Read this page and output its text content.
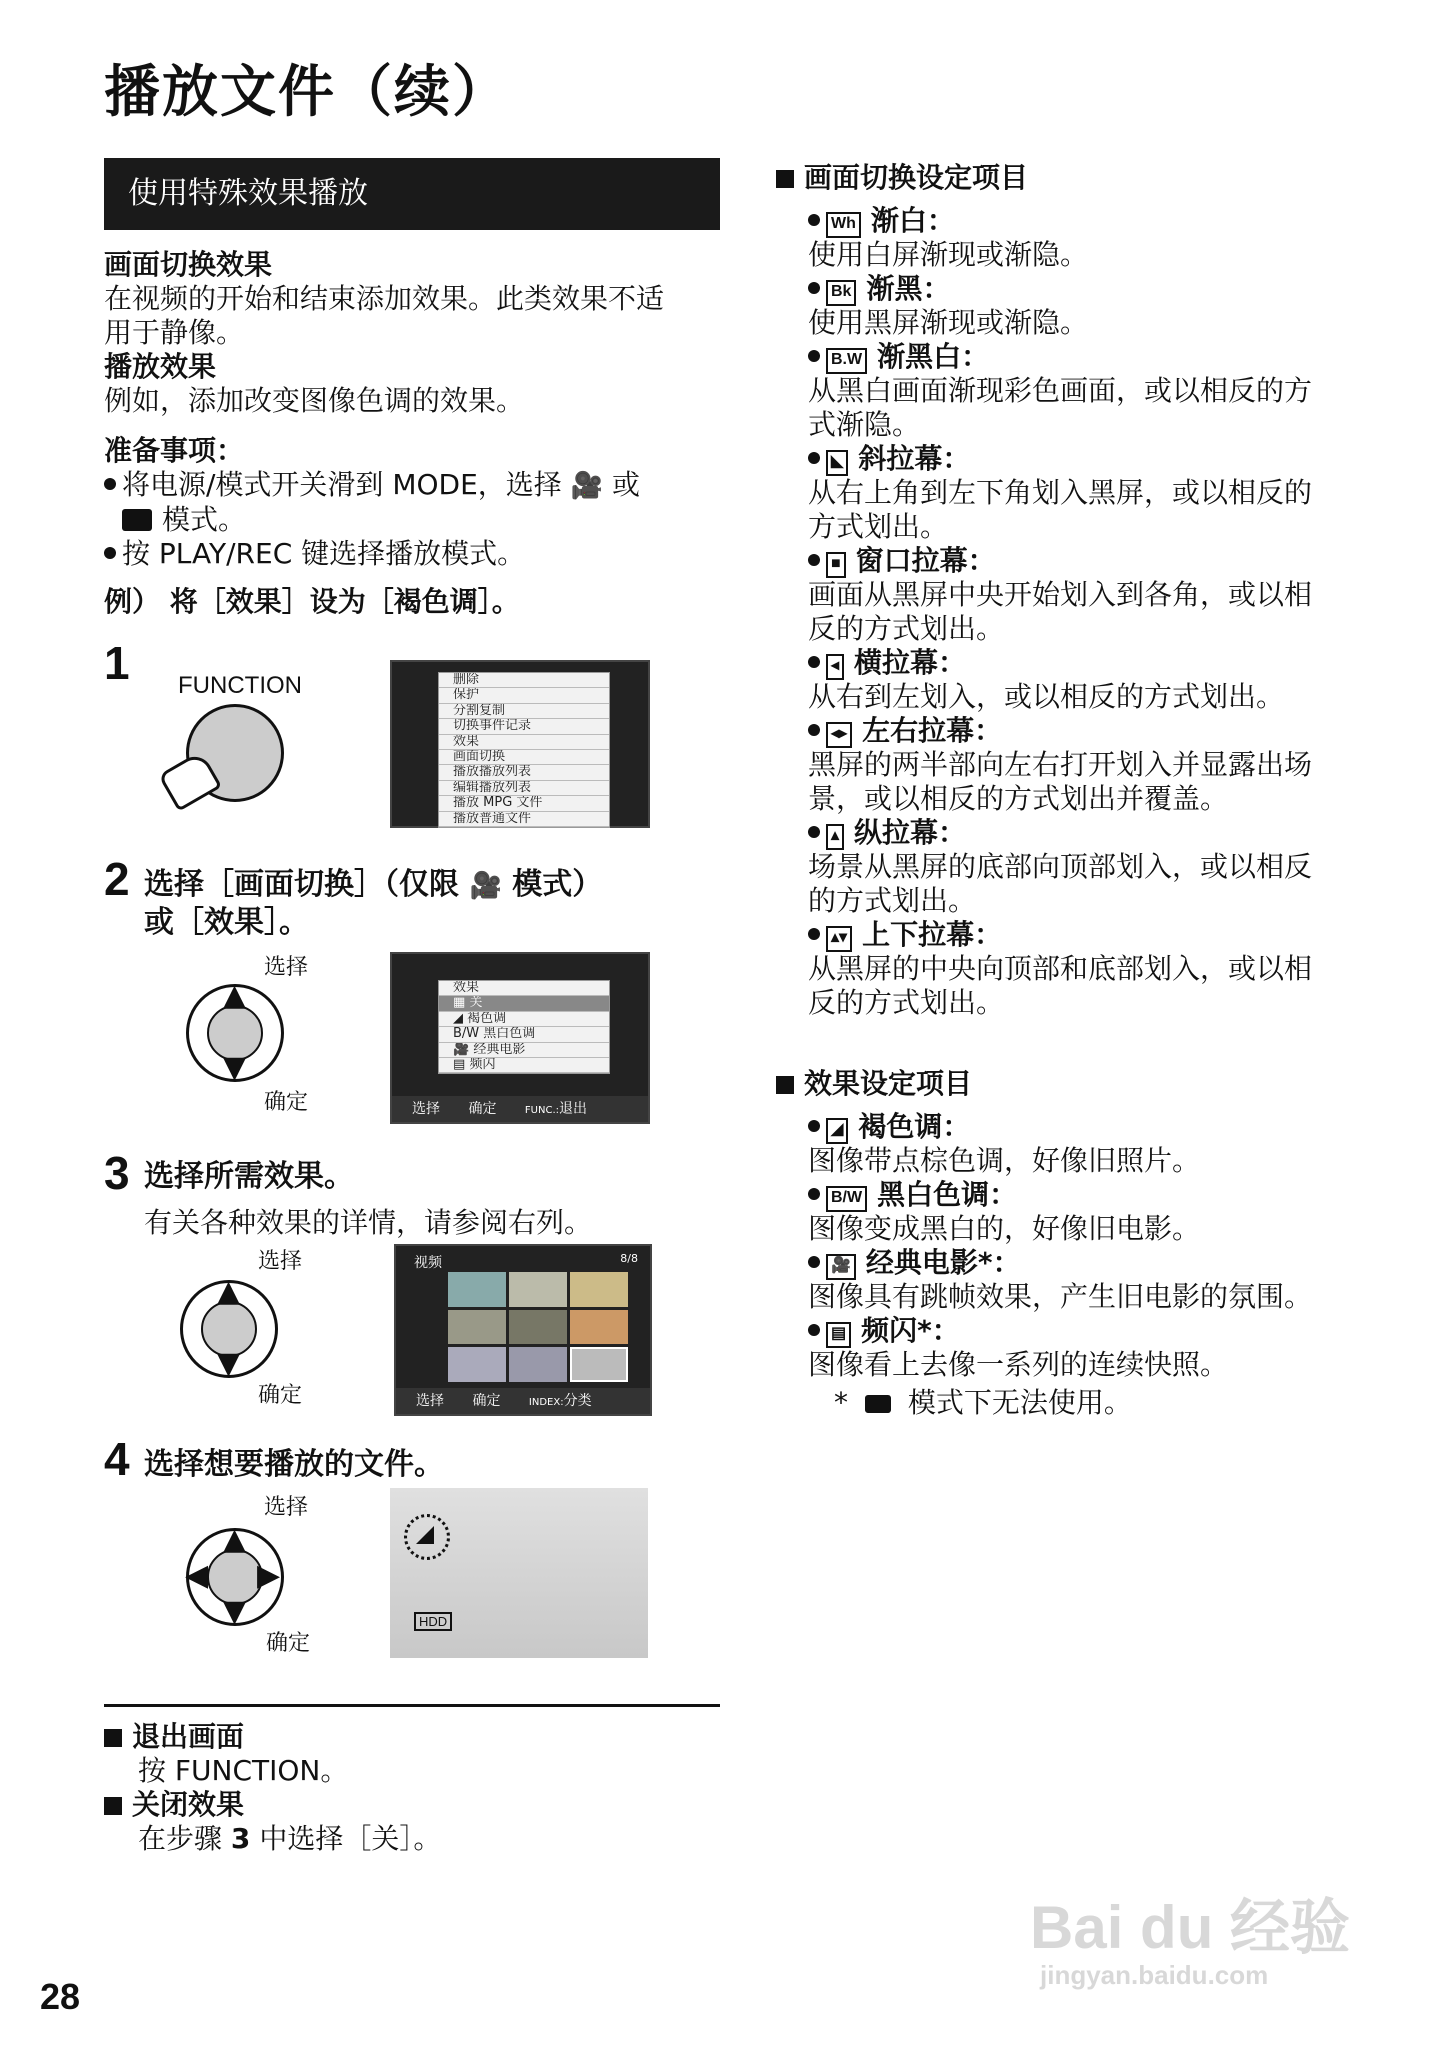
播放文件（续）
使用特殊效果播放
画面切换效果
在视频的开始和结束添加效果。此类效果不适
用于静像。
播放效果
例如，添加改变图像色调的效果。
准备事项：
将电源/模式开关滑到 MODE，选择 🎥 或
模式。
按 PLAY/REC 键选择播放模式。
例） 将［效果］设为［褐色调］。
1 FUNCTION	删除
保护
分割复制
切换事件记录
效果
画面切换
播放播放列表
编辑播放列表
播放 MPG 文件
播放普通文件
2 选择［画面切换］（仅限 🎥 模式）
或［效果］。
选择
确定
▲
▼
效果
▦ 关
◢ 褐色调
B/W 黑白色调
🎥 经典电影
▤ 频闪
选择 确定	FUNC.:退出
3 选择所需效果。
有关各种效果的详情，请参阅右列。
选择
确定
▲
▼
视频	8/8
选择 确定	INDEX:分类
4 选择想要播放的文件。
选择
确定
▲
▼
◀ ▶
HDD
退出画面
按 FUNCTION。
关闭效果
在步骤 3 中选择［关］。
画面切换设定项目
Wh 渐白：
使用白屏渐现或渐隐。
Bk 渐黑：
使用黑屏渐现或渐隐。
B.W 渐黑白：
从黑白画面渐现彩色画面，或以相反的方
式渐隐。
◣ 斜拉幕：
从右上角到左下角划入黑屏，或以相反的
方式划出。
■ 窗口拉幕：
画面从黑屏中央开始划入到各角，或以相
反的方式划出。
◂ 横拉幕：
从右到左划入，或以相反的方式划出。
◂▸ 左右拉幕：
黑屏的两半部向左右打开划入并显露出场
景，或以相反的方式划出并覆盖。
▴ 纵拉幕：
场景从黑屏的底部向顶部划入，或以相反
的方式划出。
▴▾ 上下拉幕：
从黑屏的中央向顶部和底部划入，或以相
反的方式划出。
效果设定项目
◢ 褐色调：
图像带点棕色调，好像旧照片。
B/W 黑白色调：
图像变成黑白的，好像旧电影。
🎥 经典电影*：
图像具有跳帧效果，产生旧电影的氛围。
▤ 频闪*：
图像看上去像一系列的连续快照。
* 模式下无法使用。
28
Bai du 经验
jingyan.baidu.com
